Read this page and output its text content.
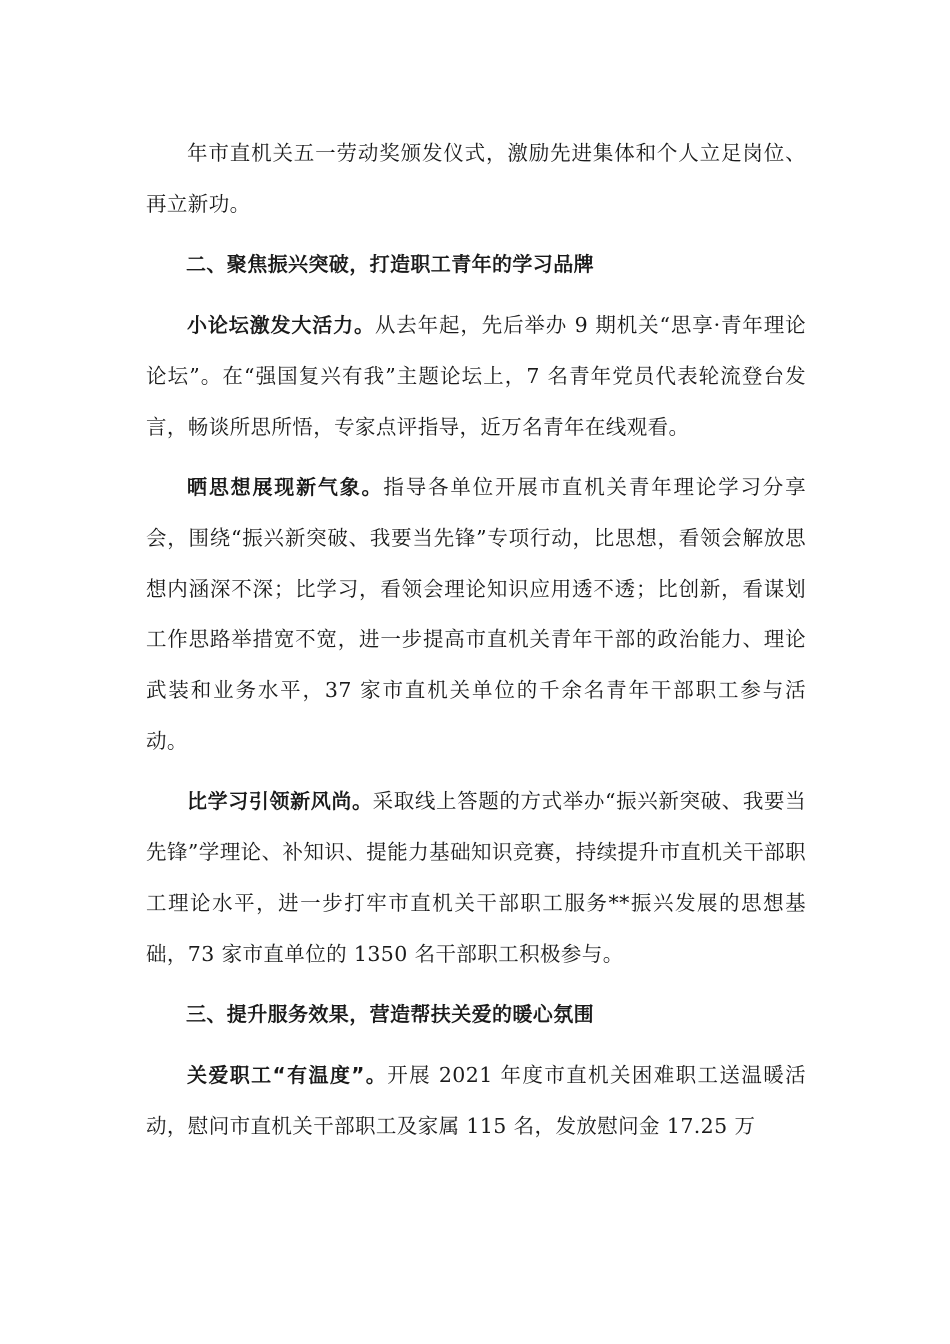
年市直机关五一劳动奖颁发仪式，激励先进集体和个人立足岗位、再立新功。

二、聚焦振兴突破，打造职工青年的学习品牌

小论坛激发大活力。从去年起，先后举办 9 期机关“思享·青年理论论坛”。在“强国复兴有我”主题论坛上，7 名青年党员代表轮流登台发言，畅谈所思所悟，专家点评指导，近万名青年在线观看。

晒思想展现新气象。指导各单位开展市直机关青年理论学习分享会，围绕“振兴新突破、我要当先锋”专项行动，比思想，看领会解放思想内涵深不深；比学习，看领会理论知识应用透不透；比创新，看谋划工作思路举措宽不宽，进一步提高市直机关青年干部的政治能力、理论武装和业务水平，37 家市直机关单位的千余名青年干部职工参与活动。

比学习引领新风尚。采取线上答题的方式举办“振兴新突破、我要当先锋”学理论、补知识、提能力基础知识竞赛，持续提升市直机关干部职工理论水平，进一步打牢市直机关干部职工服务**振兴发展的思想基础，73 家市直单位的 1350 名干部职工积极参与。

三、提升服务效果，营造帮扶关爱的暖心氛围

关爱职工“有温度”。开展 2021 年度市直机关困难职工送温暖活动，慰问市直机关干部职工及家属 115 名，发放慰问金 17.25 万
